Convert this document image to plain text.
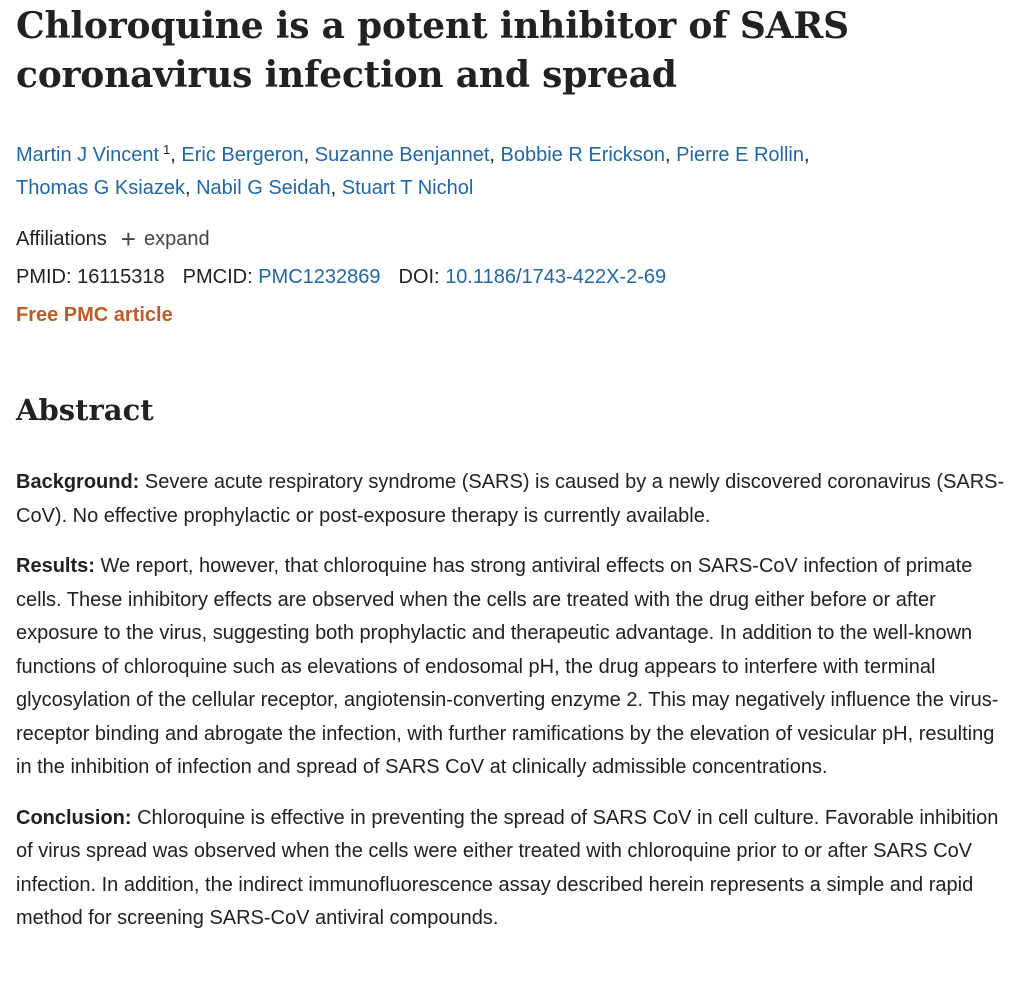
Chloroquine is a potent inhibitor of SARS coronavirus infection and spread
Martin J Vincent $^1$, Eric Bergeron, Suzanne Benjannet, Bobbie R Erickson, Pierre E Rollin,
Thomas G Ksiazek, Nabil G Seidah, Stuart T Nichol
Affiliations + expand
PMID: 16115318 PMCID: PMC1232869 DOI: 10.1186/1743-422X-2-69
Free PMC article
Abstract

Background: Severe acute respiratory syndrome (SARS) is caused by a newly discovered coronavirus (SARS-CoV). No effective prophylactic or post-exposure therapy is currently available.

Results: We report, however, that chloroquine has strong antiviral effects on SARS-CoV infection of primate cells. These inhibitory effects are observed when the cells are treated with the drug either before or after exposure to the virus, suggesting both prophylactic and therapeutic advantage. In addition to the well-known functions of chloroquine such as elevations of endosomal pH, the drug appears to interfere with terminal glycosylation of the cellular receptor, angiotensin-converting enzyme 2. This may negatively influence the virus-receptor binding and abrogate the infection, with further ramifications by the elevation of vesicular pH, resulting in the inhibition of infection and spread of SARS CoV at clinically admissible concentrations.

Conclusion: Chloroquine is effective in preventing the spread of SARS CoV in cell culture. Favorable inhibition of virus spread was observed when the cells were either treated with chloroquine prior to or after SARS CoV infection. In addition, the indirect immunofluorescence assay described herein represents a simple and rapid method for screening SARS-CoV antiviral compounds.
